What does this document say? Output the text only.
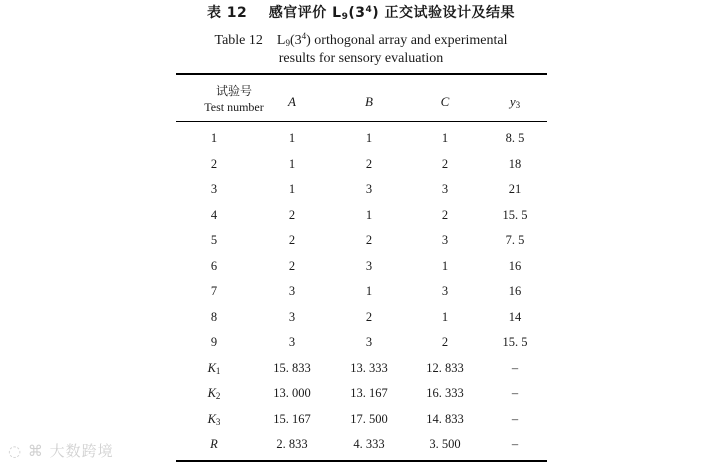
表 12 感官评价 $L_9(3^4)$ 正交试验设计及结果
Table 12 $L_9(3^4)$ orthogonal array and experimental
results for sensory evaluation
试验号
Test number	A	B	C	$y_3$
1	1	1	1	8. 5
2	1	2	2	18
3	1	3	3	21
4	2	1	2	15. 5
5	2	2	3	7. 5
6	2	3	1	16
7	3	1	3	16
8	3	2	1	14
9	3	3	2	15. 5
$K_1$	15. 833	13. 333	12. 833	–
$K_2$	13. 000	13. 167	16. 333	–
$K_3$	15. 167	17. 500	14. 833	–
R	2. 833	4. 333	3. 500	–
◌ ⌘ 大数跨境
